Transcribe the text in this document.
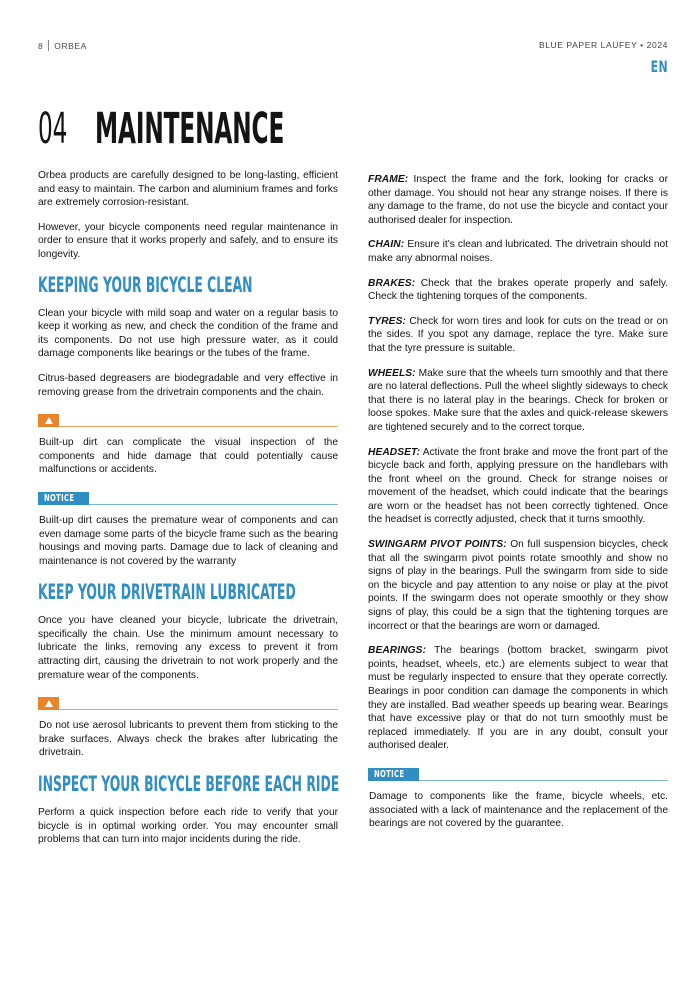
8	ORBEA	BLUE PAPER LAUFEY • 2024
EN
04 MAINTENANCE

Orbea products are carefully designed to be long-lasting, efficient and easy to maintain. The carbon and aluminium frames and forks are extremely corrosion-resistant.

However, your bicycle components need regular maintenance in order to ensure that it works properly and safely, and to ensure its longevity.

KEEPING YOUR BICYCLE CLEAN

Clean your bicycle with mild soap and water on a regular basis to keep it working as new, and check the condition of the frame and its components. Do not use high pressure water, as it could damage components like bearings or the tubes of the frame.

Citrus-based degreasers are biodegradable and very effective in removing grease from the drivetrain components and the chain.

Built-up dirt can complicate the visual inspection of the components and hide damage that could potentially cause malfunctions or accidents.
NOTICE
Built-up dirt causes the premature wear of components and can even damage some parts of the bicycle frame such as the bearing housings and moving parts. Damage due to lack of cleaning and maintenance is not covered by the warranty
KEEP YOUR DRIVETRAIN LUBRICATED

Once you have cleaned your bicycle, lubricate the drivetrain, specifically the chain. Use the minimum amount necessary to lubricate the links, removing any excess to prevent it from attracting dirt, causing the drivetrain to not work properly and the premature wear of the components.

Do not use aerosol lubricants to prevent them from sticking to the brake surfaces. Always check the brakes after lubricating the drivetrain.
INSPECT YOUR BICYCLE BEFORE EACH RIDE

Perform a quick inspection before each ride to verify that your bicycle is in optimal working order. You may encounter small problems that can turn into major incidents during the ride.

FRAME: Inspect the frame and the fork, looking for cracks or other damage. You should not hear any strange noises. If there is any damage to the frame, do not use the bicycle and contact your authorised dealer for inspection.

CHAIN: Ensure it's clean and lubricated. The drivetrain should not make any abnormal noises.

BRAKES: Check that the brakes operate properly and safely. Check the tightening torques of the components.

TYRES: Check for worn tires and look for cuts on the tread or on the sides. If you spot any damage, replace the tyre. Make sure that the tyre pressure is suitable.

WHEELS: Make sure that the wheels turn smoothly and that there are no lateral deflections. Pull the wheel slightly sideways to check that there is no lateral play in the bearings. Check for broken or loose spokes. Make sure that the axles and quick-release skewers are tightened securely and to the correct torque.

HEADSET: Activate the front brake and move the front part of the bicycle back and forth, applying pressure on the handlebars with the front wheel on the ground. Check for strange noises or movement of the headset, which could indicate that the bearings are worn or the headset has not been correctly tightened. Once the headset is correctly adjusted, check that it turns smoothly.

SWINGARM PIVOT POINTS: On full suspension bicycles, check that all the swingarm pivot points rotate smoothly and show no signs of play in the bearings. Pull the swingarm from side to side on the bicycle and pay attention to any noise or play at the pivot points. If the swingarm does not operate smoothly or they show signs of play, this could be a sign that the tightening torques are incorrect or that the bearings are worn or damaged.

BEARINGS: The bearings (bottom bracket, swingarm pivot points, headset, wheels, etc.) are elements subject to wear that must be regularly inspected to ensure that they operate correctly. Bearings in poor condition can damage the components in which they are installed. Bad weather speeds up bearing wear. Bearings that have excessive play or that do not turn smoothly must be replaced immediately. If you are in any doubt, consult your authorised dealer.

NOTICE
Damage to components like the frame, bicycle wheels, etc. associated with a lack of maintenance and the replacement of the bearings are not covered by the guarantee.
